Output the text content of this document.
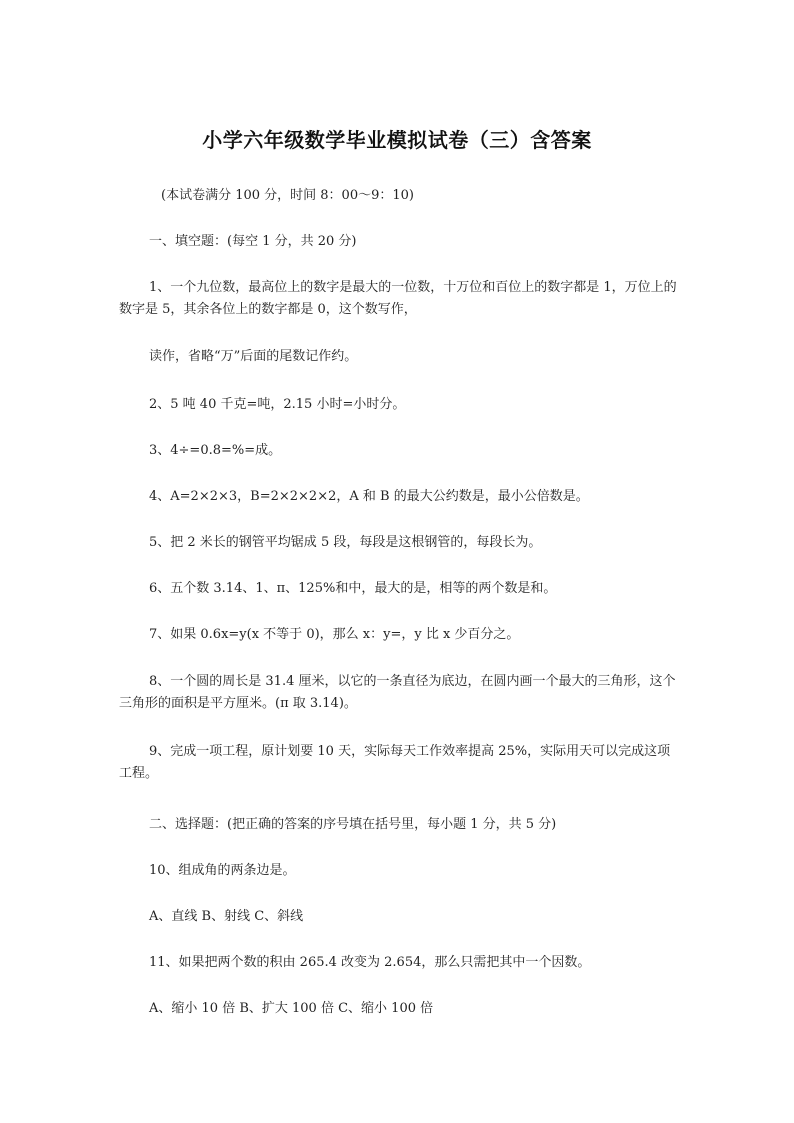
小学六年级数学毕业模拟试卷（三）含答案
(本试卷满分 100 分，时间 8：00～9：10)
一、填空题：(每空 1 分，共 20 分)
1、一个九位数，最高位上的数字是最大的一位数，十万位和百位上的数字都是 1，万位上的数字是 5，其余各位上的数字都是 0，这个数写作，
读作，省略“万”后面的尾数记作约。
2、5 吨 40 千克=吨，2.15 小时=小时分。
3、4÷=0.8=%=成。
4、A=2×2×3，B=2×2×2×2，A 和 B 的最大公约数是，最小公倍数是。
5、把 2 米长的钢管平均锯成 5 段，每段是这根钢管的，每段长为。
6、五个数 3.14、1、π、125%和中，最大的是，相等的两个数是和。
7、如果 0.6x=y(x 不等于 0)，那么 x：y=，y 比 x 少百分之。
8、一个圆的周长是 31.4 厘米，以它的一条直径为底边，在圆内画一个最大的三角形，这个三角形的面积是平方厘米。(π 取 3.14)。
9、完成一项工程，原计划要 10 天，实际每天工作效率提高 25%，实际用天可以完成这项工程。
二、选择题：(把正确的答案的序号填在括号里，每小题 1 分，共 5 分)
10、组成角的两条边是。
A、直线 B、射线 C、斜线
11、如果把两个数的积由 265.4 改变为 2.654，那么只需把其中一个因数。
A、缩小 10 倍 B、扩大 100 倍 C、缩小 100 倍
